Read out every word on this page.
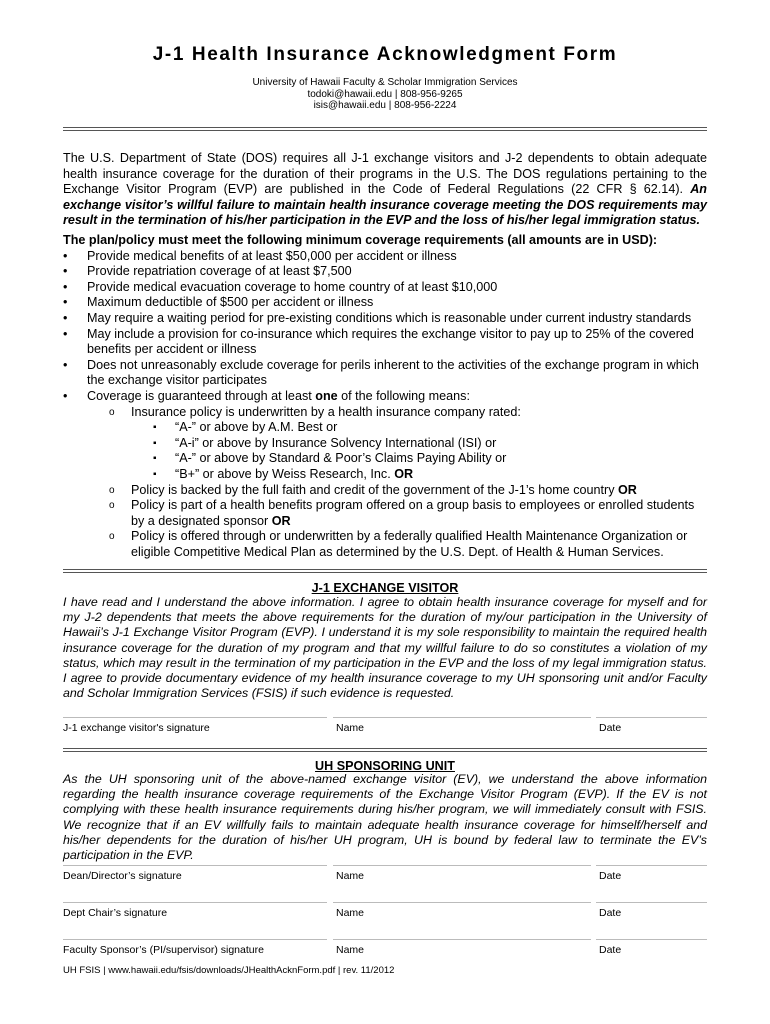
J-1 Health Insurance Acknowledgment Form
University of Hawaii Faculty & Scholar Immigration Services
todoki@hawaii.edu | 808-956-9265
isis@hawaii.edu | 808-956-2224
The U.S. Department of State (DOS) requires all J-1 exchange visitors and J-2 dependents to obtain adequate health insurance coverage for the duration of their programs in the U.S. The DOS regulations pertaining to the Exchange Visitor Program (EVP) are published in the Code of Federal Regulations (22 CFR § 62.14). An exchange visitor’s willful failure to maintain health insurance coverage meeting the DOS requirements may result in the termination of his/her participation in the EVP and the loss of his/her legal immigration status.
The plan/policy must meet the following minimum coverage requirements (all amounts are in USD):
• Provide medical benefits of at least $50,000 per accident or illness
• Provide repatriation coverage of at least $7,500
• Provide medical evacuation coverage to home country of at least $10,000
• Maximum deductible of $500 per accident or illness
• May require a waiting period for pre-existing conditions which is reasonable under current industry standards
• May include a provision for co-insurance which requires the exchange visitor to pay up to 25% of the covered benefits per accident or illness
• Does not unreasonably exclude coverage for perils inherent to the activities of the exchange program in which the exchange visitor participates
• Coverage is guaranteed through at least one of the following means:
o Insurance policy is underwritten by a health insurance company rated:
▪ “A-” or above by A.M. Best or
▪ “A-i” or above by Insurance Solvency International (ISI) or
▪ “A-” or above by Standard & Poor’s Claims Paying Ability or
▪ “B+” or above by Weiss Research, Inc. OR
o Policy is backed by the full faith and credit of the government of the J-1’s home country OR
o Policy is part of a health benefits program offered on a group basis to employees or enrolled students by a designated sponsor OR
o Policy is offered through or underwritten by a federally qualified Health Maintenance Organization or eligible Competitive Medical Plan as determined by the U.S. Dept. of Health & Human Services.
J-1 EXCHANGE VISITOR
I have read and I understand the above information. I agree to obtain health insurance coverage for myself and for my J-2 dependents that meets the above requirements for the duration of my/our participation in the University of Hawaii’s J-1 Exchange Visitor Program (EVP). I understand it is my sole responsibility to maintain the required health insurance coverage for the duration of my program and that my willful failure to do so constitutes a violation of my status, which may result in the termination of my participation in the EVP and the loss of my legal immigration status. I agree to provide documentary evidence of my health insurance coverage to my UH sponsoring unit and/or Faculty and Scholar Immigration Services (FSIS) if such evidence is requested.
J-1 exchange visitor's signature	Name	Date
UH SPONSORING UNIT
As the UH sponsoring unit of the above-named exchange visitor (EV), we understand the above information regarding the health insurance coverage requirements of the Exchange Visitor Program (EVP). If the EV is not complying with these health insurance requirements during his/her program, we will immediately consult with FSIS. We recognize that if an EV willfully fails to maintain adequate health insurance coverage for himself/herself and his/her dependents for the duration of his/her UH program, UH is bound by federal law to terminate the EV’s participation in the EVP.
Dean/Director’s signature	Name	Date
Dept Chair’s signature	Name	Date
Faculty Sponsor’s (PI/supervisor) signature	Name	Date
UH FSIS | www.hawaii.edu/fsis/downloads/JHealthAcknForm.pdf | rev. 11/2012
